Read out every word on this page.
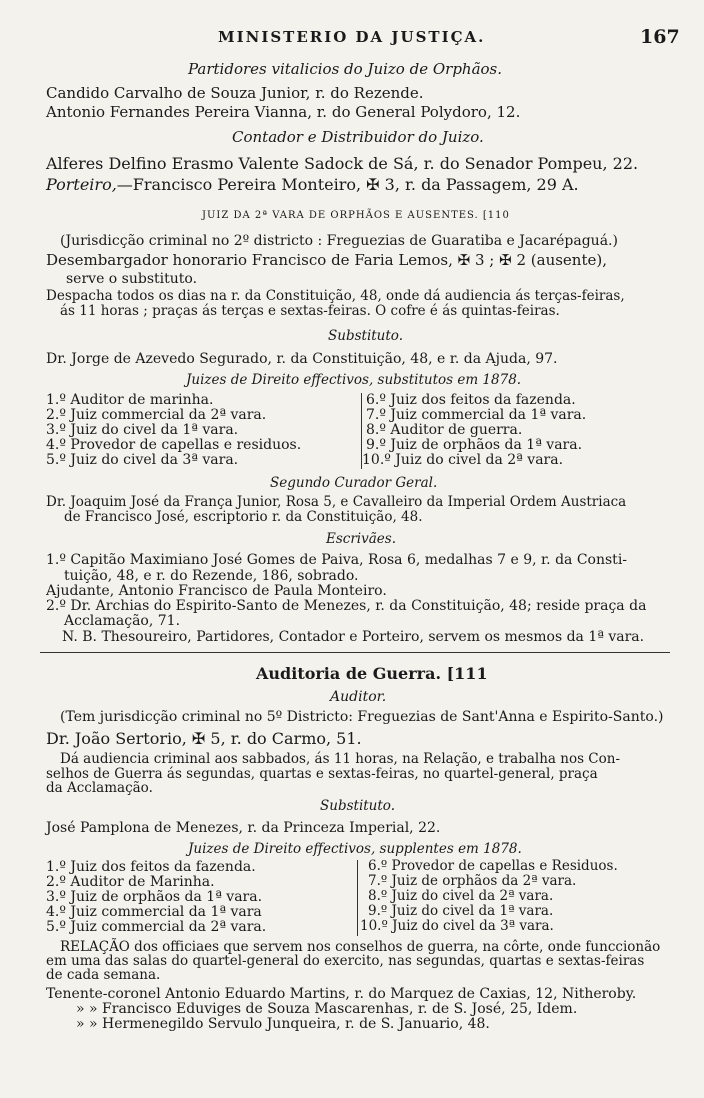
MINISTERIO DA JUSTIÇA.	167
Partidores vitalicios do Juizo de Orphãos.
Candido Carvalho de Souza Junior, r. do Rezende.
Antonio Fernandes Pereira Vianna, r. do General Polydoro, 12.
Contador e Distribuidor do Juizo.
Alferes Delfino Erasmo Valente Sadock de Sá, r. do Senador Pompeu, 22.
Porteiro,—Francisco Pereira Monteiro, ✠ 3, r. da Passagem, 29 A.
JUIZ DA 2ª VARA DE ORPHÃOS E AUSENTES. [110
(Jurisdicção criminal no 2º districto : Freguezias de Guaratiba e Jacarépaguá.)
Desembargador honorario Francisco de Faria Lemos, ✠ 3 ; ✠ 2 (ausente),
serve o substituto.
Despacha todos os dias na r. da Constituição, 48, onde dá audiencia ás terças-feiras,
ás 11 horas ; praças ás terças e sextas-feiras. O cofre é ás quintas-feiras.
Substituto.
Dr. Jorge de Azevedo Segurado, r. da Constituição, 48, e r. da Ajuda, 97.
Juizes de Direito effectivos, substitutos em 1878.
1.º Auditor de marinha.
2.º Juiz commercial da 2ª vara.
3.º Juiz do civel da 1ª vara.
4.º Provedor de capellas e residuos.
5.º Juiz do civel da 3ª vara.
6.º Juiz dos feitos da fazenda.
7.º Juiz commercial da 1ª vara.
8.º Auditor de guerra.
9.º Juiz de orphãos da 1ª vara.
10.º Juiz do civel da 2ª vara.
Segundo Curador Geral.
Dr. Joaquim José da França Junior, Rosa 5, e Cavalleiro da Imperial Ordem Austriaca
de Francisco José, escriptorio r. da Constituição, 48.
Escrivães.
1.º Capitão Maximiano José Gomes de Paiva, Rosa 6, medalhas 7 e 9, r. da Consti-
tuição, 48, e r. do Rezende, 186, sobrado.
Ajudante, Antonio Francisco de Paula Monteiro.
2.º Dr. Archias do Espirito-Santo de Menezes, r. da Constituição, 48; reside praça da
Acclamação, 71.
N. B. Thesoureiro, Partidores, Contador e Porteiro, servem os mesmos da 1ª vara.
Auditoria de Guerra. [111
Auditor.
(Tem jurisdicção criminal no 5º Districto: Freguezias de Sant'Anna e Espirito-Santo.)
Dr. João Sertorio, ✠ 5, r. do Carmo, 51.
Dá audiencia criminal aos sabbados, ás 11 horas, na Relação, e trabalha nos Con-
selhos de Guerra ás segundas, quartas e sextas-feiras, no quartel-general, praça
da Acclamação.
Substituto.
José Pamplona de Menezes, r. da Princeza Imperial, 22.
Juizes de Direito effectivos, supplentes em 1878.
1.º Juiz dos feitos da fazenda.
2.º Auditor de Marinha.
3.º Juiz de orphãos da 1ª vara.
4.º Juiz commercial da 1ª vara
5.º Juiz commercial da 2ª vara.
6.º Provedor de capellas e Residuos.
7.º Juiz de orphãos da 2ª vara.
8.º Juiz do civel da 2ª vara.
9.º Juiz do civel da 1ª vara.
10.º Juiz do civel da 3ª vara.
RELAÇÃO dos officiaes que servem nos conselhos de guerra, na côrte, onde funccionão
em uma das salas do quartel-general do exercito, nas segundas, quartas e sextas-feiras
de cada semana.
Tenente-coronel Antonio Eduardo Martins, r. do Marquez de Caxias, 12, Nitheroby.
» » Francisco Eduviges de Souza Mascarenhas, r. de S. José, 25, Idem.
» » Hermenegildo Servulo Junqueira, r. de S. Januario, 48.
